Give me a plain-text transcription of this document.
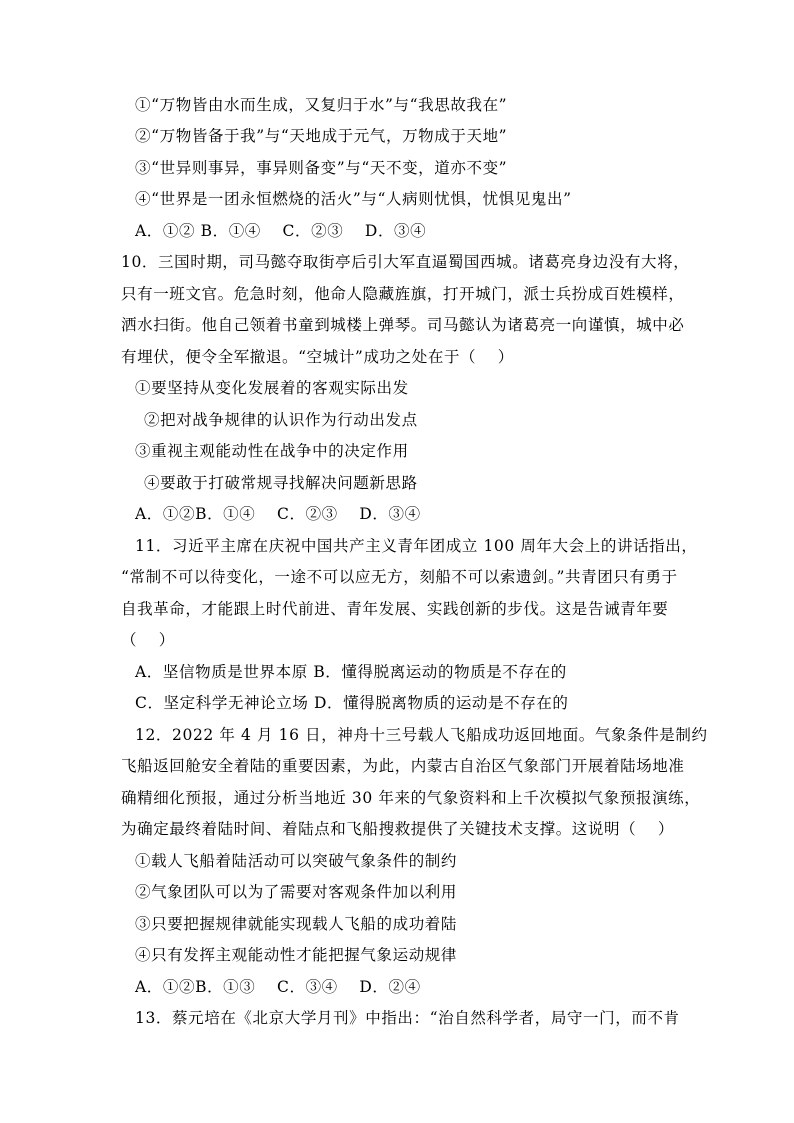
①“万物皆由水而生成，又复归于水”与“我思故我在”
②“万物皆备于我”与“天地成于元气，万物成于天地”
③“世异则事异，事异则备变”与“天不变，道亦不变”
④“世界是一团永恒燃烧的活火”与“人病则忧惧，忧惧见鬼出”
A．①② B．①④　 C．②③　 D．③④
10．三国时期，司马懿夺取街亭后引大军直逼蜀国西城。诸葛亮身边没有大将，
只有一班文官。危急时刻，他命人隐藏旌旗，打开城门，派士兵扮成百姓模样，
洒水扫街。他自己领着书童到城楼上弹琴。司马懿认为诸葛亮一向谨慎，城中必
有埋伏，便令全军撤退。“空城计”成功之处在于（　 ）
①要坚持从变化发展着的客观实际出发
②把对战争规律的认识作为行动出发点
③重视主观能动性在战争中的决定作用
④要敢于打破常规寻找解决问题新思路
A．①②B．①④　 C．②③　 D．③④
11．习近平主席在庆祝中国共产主义青年团成立 100 周年大会上的讲话指出，
“常制不可以待变化，一途不可以应无方，刻船不可以索遗剑。”共青团只有勇于
自我革命，才能跟上时代前进、青年发展、实践创新的步伐。这是告诫青年要
（　 ）
A．坚信物质是世界本原 B．懂得脱离运动的物质是不存在的
C．坚定科学无神论立场 D．懂得脱离物质的运动是不存在的
12．2022 年 4 月 16 日，神舟十三号载人飞船成功返回地面。气象条件是制约
飞船返回舱安全着陆的重要因素，为此，内蒙古自治区气象部门开展着陆场地准
确精细化预报，通过分析当地近 30 年来的气象资料和上千次模拟气象预报演练，
为确定最终着陆时间、着陆点和飞船搜救提供了关键技术支撑。这说明（　 ）
①载人飞船着陆活动可以突破气象条件的制约
②气象团队可以为了需要对客观条件加以利用
③只要把握规律就能实现载人飞船的成功着陆
④只有发挥主观能动性才能把握气象运动规律
A．①②B．①③　 C．③④　 D．②④
13．蔡元培在《北京大学月刊》中指出：“治自然科学者，局守一门，而不肯
